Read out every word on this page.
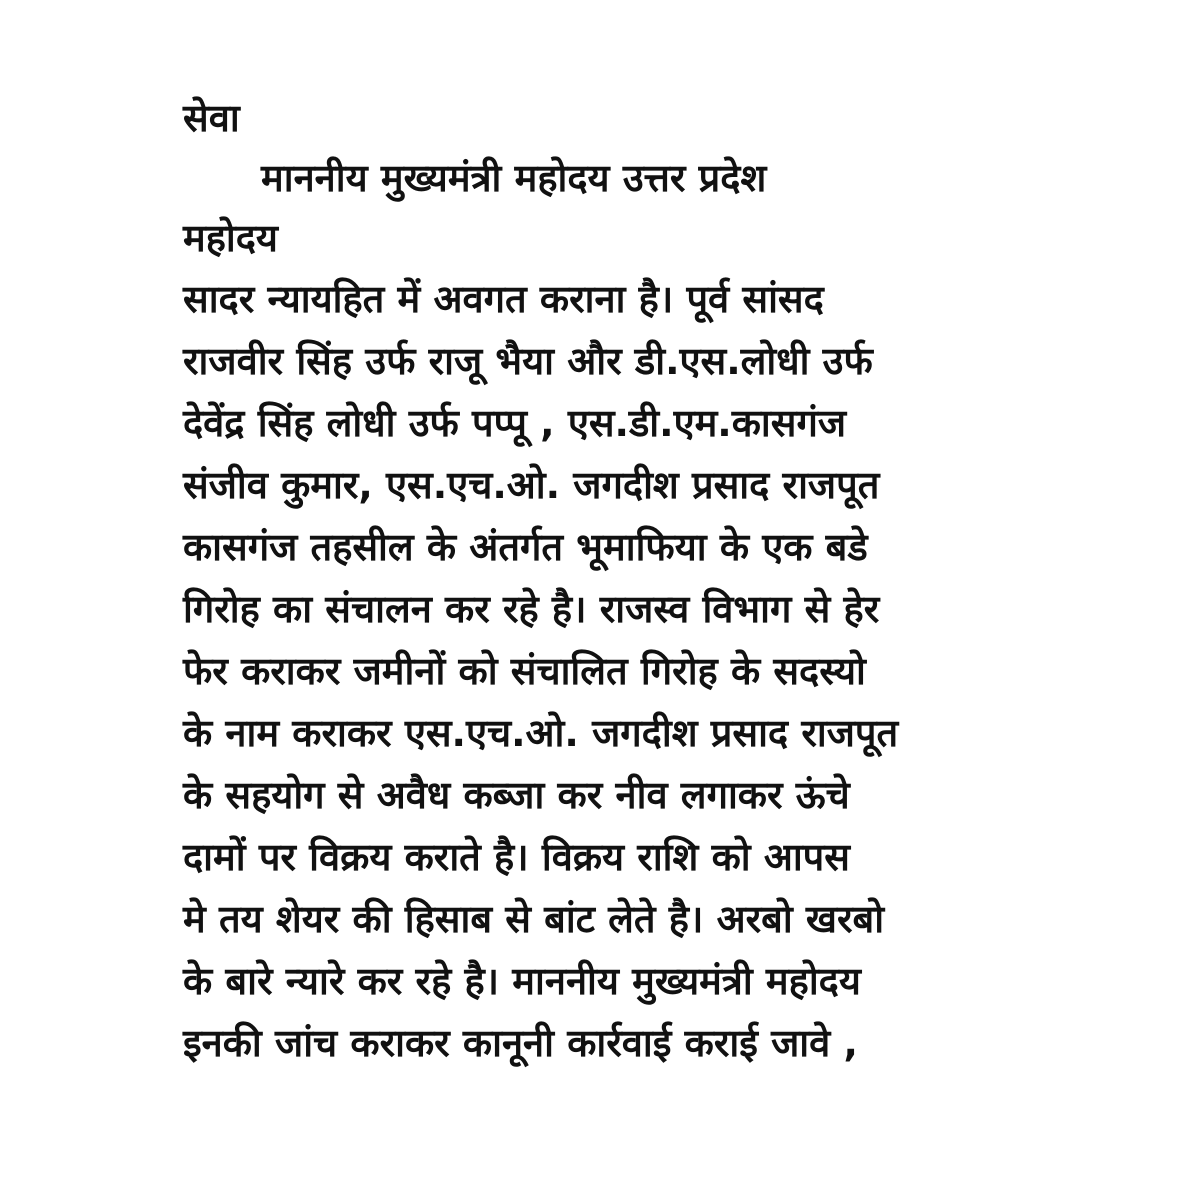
सेवा
माननीय मुख्यमंत्री महोदय उत्तर प्रदेश
महोदय
सादर न्यायहित में अवगत कराना है। पूर्व सांसद
राजवीर सिंह उर्फ राजू भैया और डी.एस.लोधी उर्फ
देवेंद्र सिंह लोधी उर्फ पप्पू , एस.डी.एम.कासगंज
संजीव कुमार, एस.एच.ओ. जगदीश प्रसाद राजपूत
कासगंज तहसील के अंतर्गत भूमाफिया के एक बडे
गिरोह का संचालन कर रहे है। राजस्व विभाग से हेर
फेर कराकर जमीनों को संचालित गिरोह के सदस्यो
के नाम कराकर एस.एच.ओ. जगदीश प्रसाद राजपूत
के सहयोग से अवैध कब्जा कर नीव लगाकर ऊंचे
दामों पर विक्रय कराते है। विक्रय राशि को आपस
मे तय शेयर की हिसाब से बांट लेते है। अरबो खरबो
के बारे न्यारे कर रहे है। माननीय मुख्यमंत्री महोदय
इनकी जांच कराकर कानूनी कार्रवाई कराई जावे ,
